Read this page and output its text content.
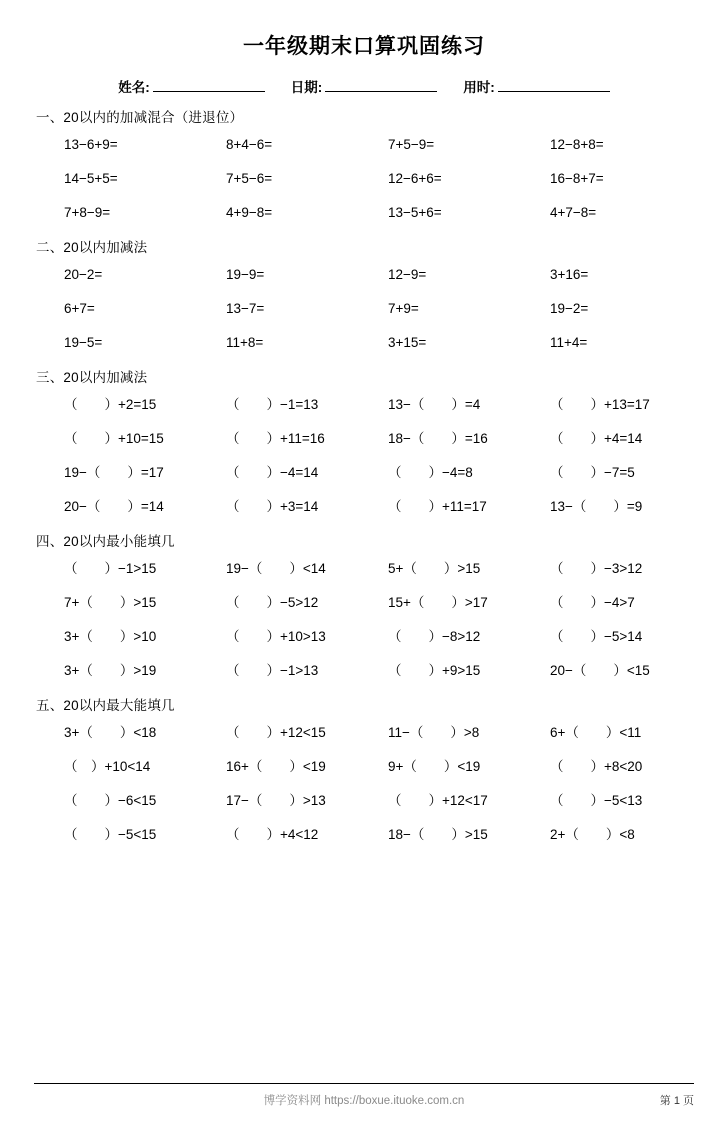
一年级期末口算巩固练习
姓名:	日期:	用时:
一、20以内的加减混合（进退位）
13−6+9=	8+4−6=	7+5−9=	12−8+8=
14−5+5=	7+5−6=	12−6+6=	16−8+7=
7+8−9=	4+9−8=	13−5+6=	4+7−8=
二、20以内加减法
20−2=	19−9=	12−9=	3+16=
6+7=	13−7=	7+9=	19−2=
19−5=	11+8=	3+15=	11+4=
三、20以内加减法
（　　）+2=15	（　　）−1=13	13−（　　）=4	（　　）+13=17
（　　）+10=15	（　　）+11=16	18−（　　）=16	（　　）+4=14
19−（　　）=17	（　　）−4=14	（　　）−4=8	（　　）−7=5
20−（　　）=14	（　　）+3=14	（　　）+11=17	13−（　　）=9
四、20以内最小能填几
（　　）−1>15	19−（　　）<14	5+（　　）>15	（　　）−3>12
7+（　　）>15	（　　）−5>12	15+（　　）>17	（　　）−4>7
3+（　　）>10	（　　）+10>13	（　　）−8>12	（　　）−5>14
3+（　　）>19	（　　）−1>13	（　　）+9>15	20−（　　）<15
五、20以内最大能填几
3+（　　）<18	（　　）+12<15	11−（　　）>8	6+（　　）<11
（　）+10<14	16+（　　）<19	9+（　　）<19	（　　）+8<20
（　　）−6<15	17−（　　）>13	（　　）+12<17	（　　）−5<13
（　　）−5<15	（　　）+4<12	18−（　　）>15	2+（　　）<8
博学资料网 https://boxue.ituoke.com.cn	第 1 页
